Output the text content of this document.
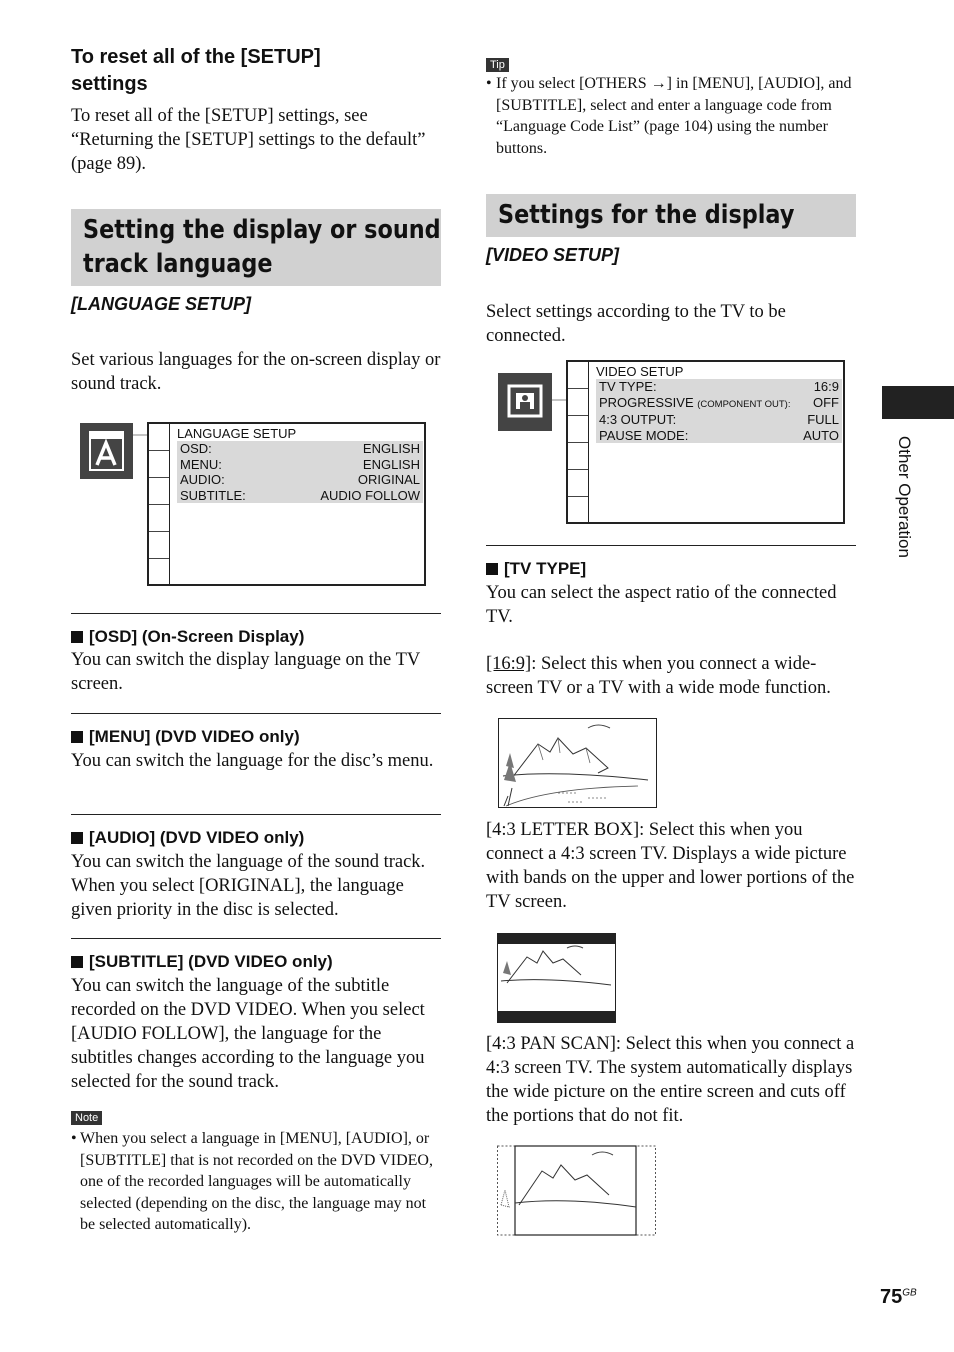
To reset all of the [SETUP] settings
To reset all of the [SETUP] settings, see “Returning the [SETUP] settings to the default” (page 89).
Setting the display or sound track language
[LANGUAGE SETUP]
Set various languages for the on-screen display or sound track.
LANGUAGE SETUP
OSD:	ENGLISH
MENU:	ENGLISH
AUDIO:	ORIGINAL
SUBTITLE:	AUDIO FOLLOW
[OSD] (On-Screen Display)
You can switch the display language on the TV screen.
[MENU] (DVD VIDEO only)
You can switch the language for the disc’s menu.
[AUDIO] (DVD VIDEO only)
You can switch the language of the sound track. When you select [ORIGINAL], the language given priority in the disc is selected.
[SUBTITLE] (DVD VIDEO only)
You can switch the language of the subtitle recorded on the DVD VIDEO. When you select [AUDIO FOLLOW], the language for the subtitles changes according to the language you selected for the sound track.
Note
• When you select a language in [MENU], [AUDIO], or [SUBTITLE] that is not recorded on the DVD VIDEO, one of the recorded languages will be automatically selected (depending on the disc, the language may not be selected automatically).
Tip
• If you select [OTHERS →] in [MENU], [AUDIO], and [SUBTITLE], select and enter a language code from “Language Code List” (page 104) using the number buttons.
Settings for the display
[VIDEO SETUP]
Select settings according to the TV to be connected.
VIDEO SETUP
TV TYPE:	16:9
PROGRESSIVE (COMPONENT OUT): OFF
4:3 OUTPUT:	FULL
PAUSE MODE:	AUTO
[TV TYPE]
You can select the aspect ratio of the connected TV.
[16:9]: Select this when you connect a wide-screen TV or a TV with a wide mode function.
[4:3 LETTER BOX]: Select this when you connect a 4:3 screen TV. Displays a wide picture with bands on the upper and lower portions of the TV screen.
[4:3 PAN SCAN]: Select this when you connect a 4:3 screen TV. The system automatically displays the wide picture on the entire screen and cuts off the portions that do not fit.
Other Operation
$75^{GB}$
